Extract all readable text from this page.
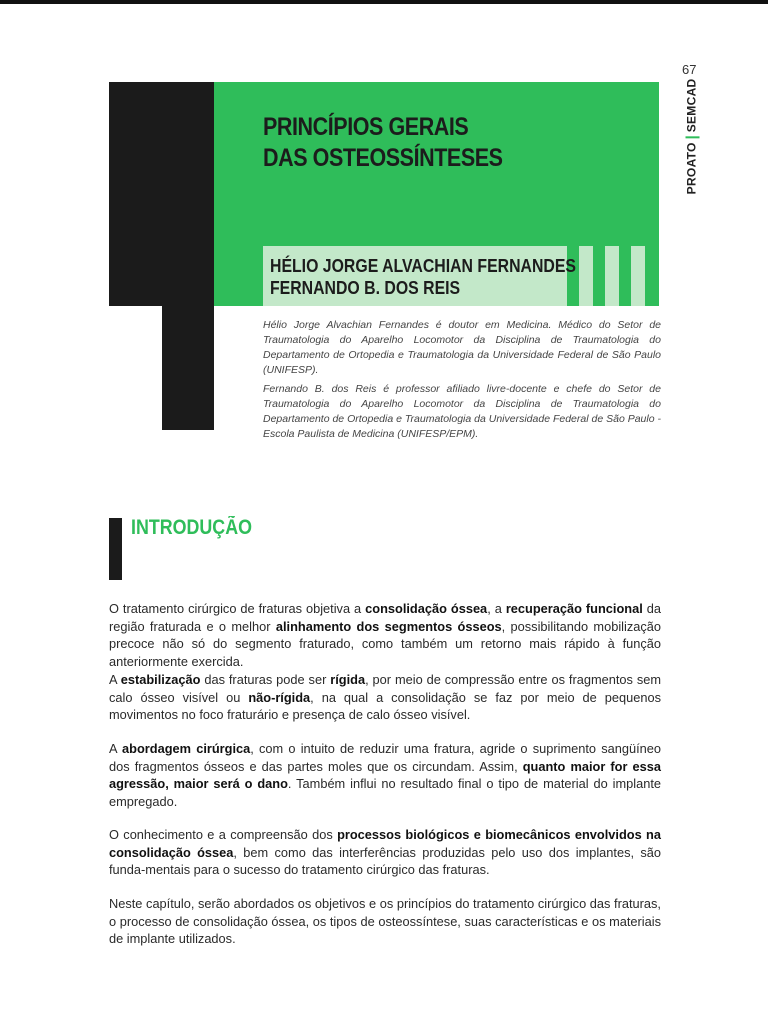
67
PROATOSEMCAD
PRINCÍPIOS GERAIS
DAS OSTEOSSÍNTESES
HÉLIO JORGE ALVACHIAN FERNANDES
FERNANDO B. DOS REIS
Hélio Jorge Alvachian Fernandes é doutor em Medicina. Médico do Setor de Traumatologia do Aparelho Locomotor da Disciplina de Traumatologia do Departamento de Ortopedia e Traumatologia da Universidade Federal de São Paulo (UNIFESP).
Fernando B. dos Reis é professor afiliado livre-docente e chefe do Setor de Traumatologia do Aparelho Locomotor da Disciplina de Traumatologia do Departamento de Ortopedia e Traumatologia da Universidade Federal de São Paulo - Escola Paulista de Medicina (UNIFESP/EPM).
INTRODUÇÃO

O tratamento cirúrgico de fraturas objetiva a consolidação óssea, a recuperação funcional da região fraturada e o melhor alinhamento dos segmentos ósseos, possibilitando mobilização precoce não só do segmento fraturado, como também um retorno mais rápido à função anteriormente exercida.

A estabilização das fraturas pode ser rígida, por meio de compressão entre os fragmentos sem calo ósseo visível ou não-rígida, na qual a consolidação se faz por meio de pequenos movimentos no foco fraturário e presença de calo ósseo visível.

A abordagem cirúrgica, com o intuito de reduzir uma fratura, agride o suprimento sangüíneo dos fragmentos ósseos e das partes moles que os circundam. Assim, quanto maior for essa agressão, maior será o dano. Também influi no resultado final o tipo de material do implante empregado.

O conhecimento e a compreensão dos processos biológicos e biomecânicos envolvidos na consolidação óssea, bem como das interferências produzidas pelo uso dos implantes, são funda-mentais para o sucesso do tratamento cirúrgico das fraturas.

Neste capítulo, serão abordados os objetivos e os princípios do tratamento cirúrgico das fraturas, o processo de consolidação óssea, os tipos de osteossíntese, suas características e os materiais de implante utilizados.
